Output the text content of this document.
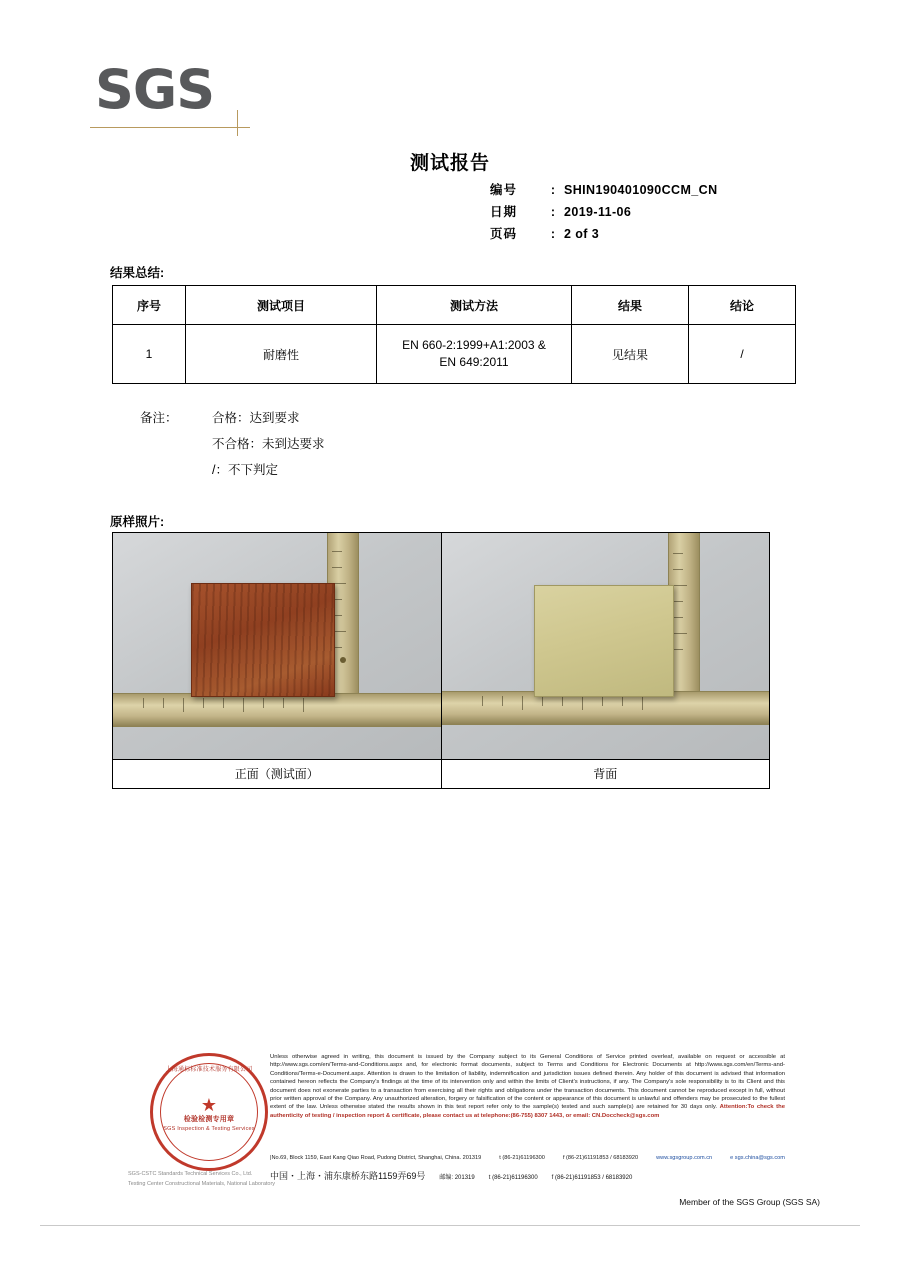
SGS
测试报告
编号	: SHIN190401090CCM_CN
日期	: 2019-11-06
页码	: 2 of 3
结果总结:
序号	测试项目	测试方法	结果	结论
1	耐磨性	EN 660-2:1999+A1:2003 &
EN 649:2011	见结果	/
备注：	合格：达到要求
不合格：未到达要求
/：不下判定
原样照片:

正面（测试面）	背面
上海通标标准技术服务有限公司
★
检验检测专用章
SGS Inspection & Testing Services
SGS-CSTC Standards Technical Services Co., Ltd.
Testing Center Constructional Materials, National Laboratory
Unless otherwise agreed in writing, this document is issued by the Company subject to its General Conditions of Service printed overleaf, available on request or accessible at http://www.sgs.com/en/Terms-and-Conditions.aspx and, for electronic format documents, subject to Terms and Conditions for Electronic Documents at http://www.sgs.com/en/Terms-and-Conditions/Terms-e-Document.aspx. Attention is drawn to the limitation of liability, indemnification and jurisdiction issues defined therein. Any holder of this document is advised that information contained hereon reflects the Company's findings at the time of its intervention only and within the limits of Client's instructions, if any. The Company's sole responsibility is to its Client and this document does not exonerate parties to a transaction from exercising all their rights and obligations under the transaction documents. This document cannot be reproduced except in full, without prior written approval of the Company. Any unauthorized alteration, forgery or falsification of the content or appearance of this document is unlawful and offenders may be prosecuted to the fullest extent of the law. Unless otherwise stated the results shown in this test report refer only to the sample(s) tested and such sample(s) are retained for 30 days only. Attention:To check the authenticity of testing / inspection report & certificate, please contact us at telephone:(86-755) 8307 1443, or email: CN.Doccheck@sgs.com
|No.69, Block 1159, East Kang Qiao Road, Pudong District, Shanghai, China. 201319	t (86-21)61196300	f (86-21)61191853 / 68183920	www.sgsgroup.com.cn	e sgs.china@sgs.com
中国・上海・浦东康桥东路1159弄69号 邮编: 201319 t (86-21)61196300 f (86-21)61191853 / 68183920
Member of the SGS Group (SGS SA)
